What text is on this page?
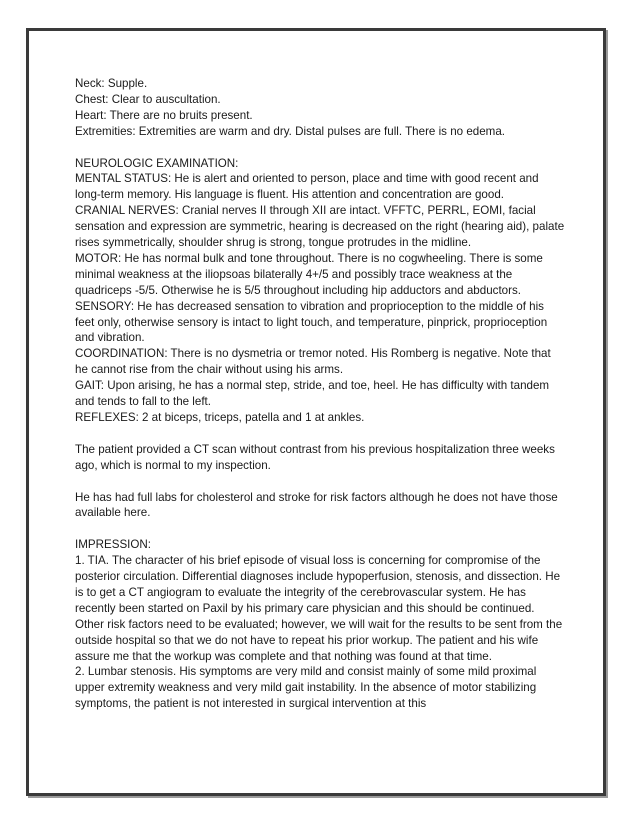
Neck: Supple.

Chest: Clear to auscultation.

Heart: There are no bruits present.

Extremities: Extremities are warm and dry. Distal pulses are full. There is no edema.

NEUROLOGIC EXAMINATION:

MENTAL STATUS: He is alert and oriented to person, place and time with good recent and long-term memory. His language is fluent. His attention and concentration are good.

CRANIAL NERVES: Cranial nerves II through XII are intact. VFFTC, PERRL, EOMI, facial sensation and expression are symmetric, hearing is decreased on the right (hearing aid), palate rises symmetrically, shoulder shrug is strong, tongue protrudes in the midline.

MOTOR: He has normal bulk and tone throughout. There is no cogwheeling. There is some minimal weakness at the iliopsoas bilaterally 4+/5 and possibly trace weakness at the quadriceps -5/5. Otherwise he is 5/5 throughout including hip adductors and abductors.

SENSORY: He has decreased sensation to vibration and proprioception to the middle of his feet only, otherwise sensory is intact to light touch, and temperature, pinprick, proprioception and vibration.

COORDINATION: There is no dysmetria or tremor noted. His Romberg is negative. Note that he cannot rise from the chair without using his arms.

GAIT: Upon arising, he has a normal step, stride, and toe, heel. He has difficulty with tandem and tends to fall to the left.

REFLEXES: 2 at biceps, triceps, patella and 1 at ankles.

The patient provided a CT scan without contrast from his previous hospitalization three weeks ago, which is normal to my inspection.

He has had full labs for cholesterol and stroke for risk factors although he does not have those available here.

IMPRESSION:

1. TIA. The character of his brief episode of visual loss is concerning for compromise of the posterior circulation. Differential diagnoses include hypoperfusion, stenosis, and dissection. He is to get a CT angiogram to evaluate the integrity of the cerebrovascular system. He has recently been started on Paxil by his primary care physician and this should be continued. Other risk factors need to be evaluated; however, we will wait for the results to be sent from the outside hospital so that we do not have to repeat his prior workup. The patient and his wife assure me that the workup was complete and that nothing was found at that time.

2. Lumbar stenosis. His symptoms are very mild and consist mainly of some mild proximal upper extremity weakness and very mild gait instability. In the absence of motor stabilizing symptoms, the patient is not interested in surgical intervention at this
